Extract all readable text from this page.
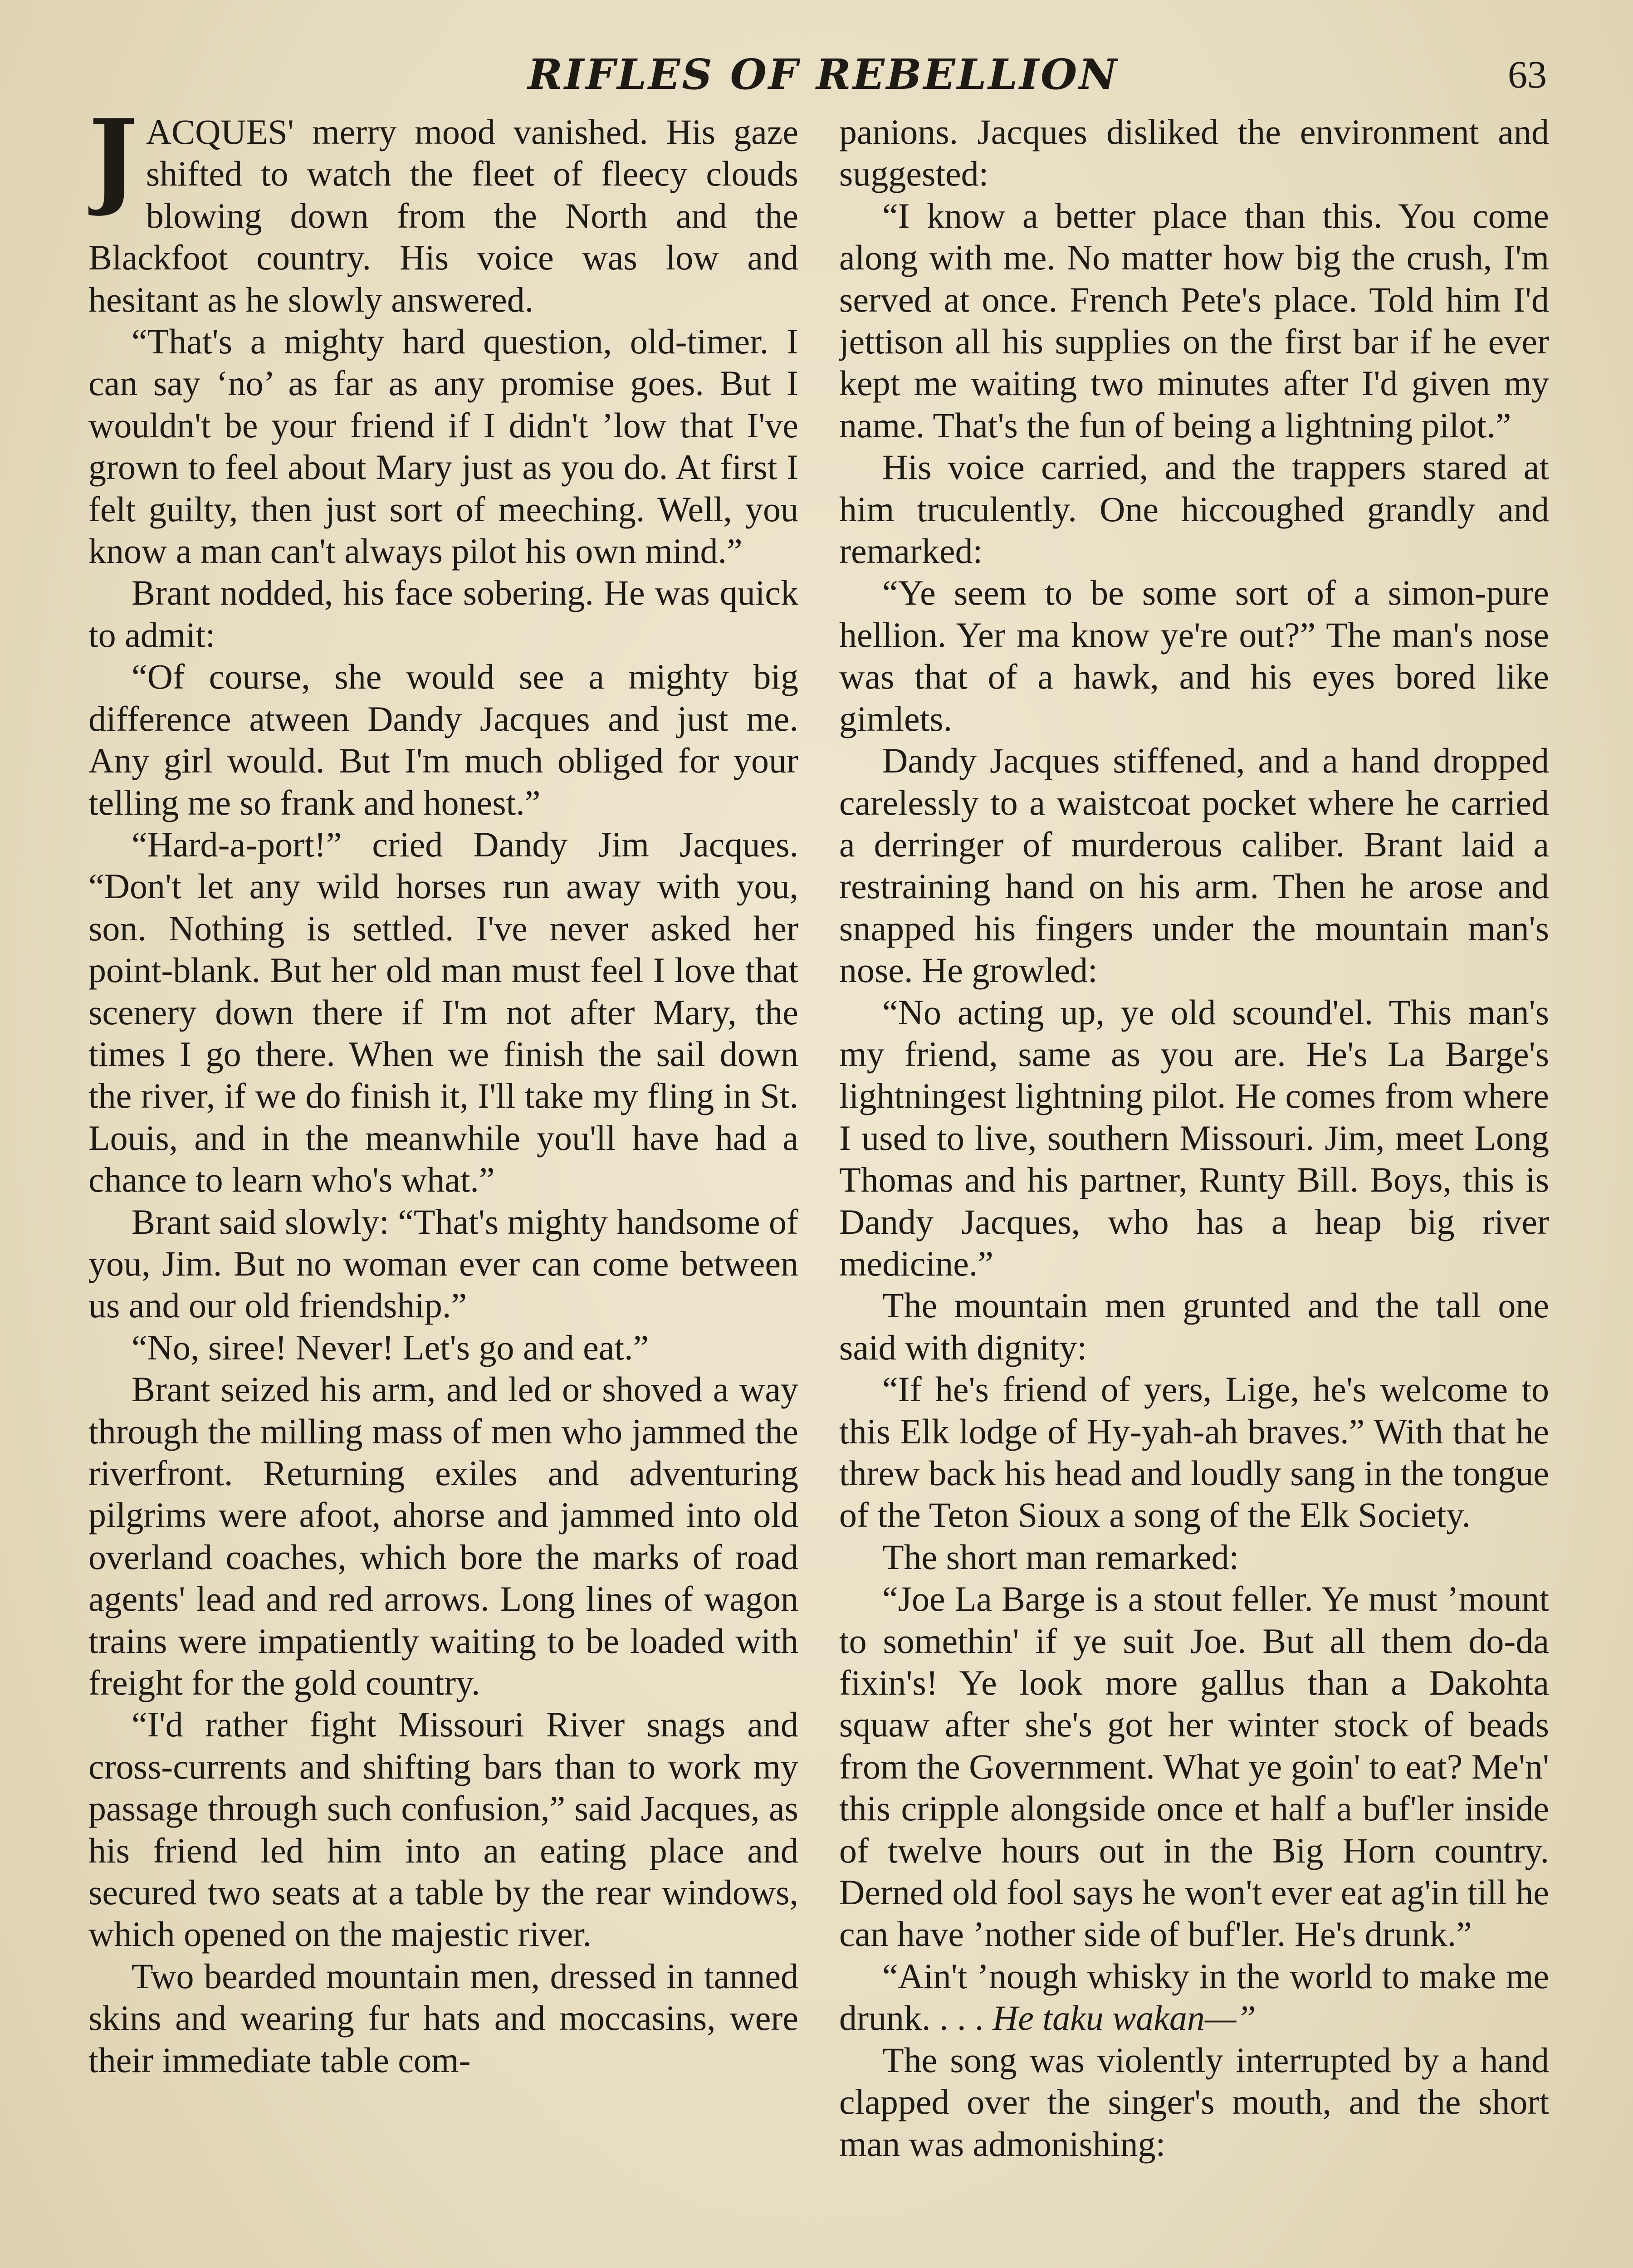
RIFLES OF REBELLION	63

JACQUES' merry mood vanished. His gaze shifted to watch the fleet of fleecy clouds blowing down from the North and the Blackfoot country. His voice was low and hesitant as he slowly answered.

“That's a mighty hard question, old-timer. I can say ‘no’ as far as any promise goes. But I wouldn't be your friend if I didn't ’low that I've grown to feel about Mary just as you do. At first I felt guilty, then just sort of meeching. Well, you know a man can't always pilot his own mind.”

Brant nodded, his face sobering. He was quick to admit:

“Of course, she would see a mighty big difference atween Dandy Jacques and just me. Any girl would. But I'm much obliged for your telling me so frank and honest.”

“Hard-a-port!” cried Dandy Jim Jacques. “Don't let any wild horses run away with you, son. Nothing is settled. I've never asked her point-blank. But her old man must feel I love that scenery down there if I'm not after Mary, the times I go there. When we finish the sail down the river, if we do finish it, I'll take my fling in St. Louis, and in the meanwhile you'll have had a chance to learn who's what.”

Brant said slowly: “That's mighty handsome of you, Jim. But no woman ever can come between us and our old friendship.”

“No, siree! Never! Let's go and eat.”

Brant seized his arm, and led or shoved a way through the milling mass of men who jammed the riverfront. Returning exiles and adventuring pilgrims were afoot, ahorse and jammed into old overland coaches, which bore the marks of road agents' lead and red arrows. Long lines of wagon trains were impatiently waiting to be loaded with freight for the gold country.

“I'd rather fight Missouri River snags and cross-currents and shifting bars than to work my passage through such confusion,” said Jacques, as his friend led him into an eating place and secured two seats at a table by the rear windows, which opened on the majestic river.

Two bearded mountain men, dressed in tanned skins and wearing fur hats and moccasins, were their immediate table com-

panions. Jacques disliked the environment and suggested:

“I know a better place than this. You come along with me. No matter how big the crush, I'm served at once. French Pete's place. Told him I'd jettison all his supplies on the first bar if he ever kept me waiting two minutes after I'd given my name. That's the fun of being a lightning pilot.”

His voice carried, and the trappers stared at him truculently. One hiccoughed grandly and remarked:

“Ye seem to be some sort of a simon-pure hellion. Yer ma know ye're out?” The man's nose was that of a hawk, and his eyes bored like gimlets.

Dandy Jacques stiffened, and a hand dropped carelessly to a waistcoat pocket where he carried a derringer of murderous caliber. Brant laid a restraining hand on his arm. Then he arose and snapped his fingers under the mountain man's nose. He growled:

“No acting up, ye old scound'el. This man's my friend, same as you are. He's La Barge's lightningest lightning pilot. He comes from where I used to live, southern Missouri. Jim, meet Long Thomas and his partner, Runty Bill. Boys, this is Dandy Jacques, who has a heap big river medicine.”

The mountain men grunted and the tall one said with dignity:

“If he's friend of yers, Lige, he's welcome to this Elk lodge of Hy-yah-ah braves.” With that he threw back his head and loudly sang in the tongue of the Teton Sioux a song of the Elk Society.

The short man remarked:

“Joe La Barge is a stout feller. Ye must ’mount to somethin' if ye suit Joe. But all them do-da fixin's! Ye look more gallus than a Dakohta squaw after she's got her winter stock of beads from the Government. What ye goin' to eat? Me'n' this cripple alongside once et half a buf'ler inside of twelve hours out in the Big Horn country. Derned old fool says he won't ever eat ag'in till he can have ’nother side of buf'ler. He's drunk.”

“Ain't ’nough whisky in the world to make me drunk. . . . He taku wakan—”

The song was violently interrupted by a hand clapped over the singer's mouth, and the short man was admonishing:
